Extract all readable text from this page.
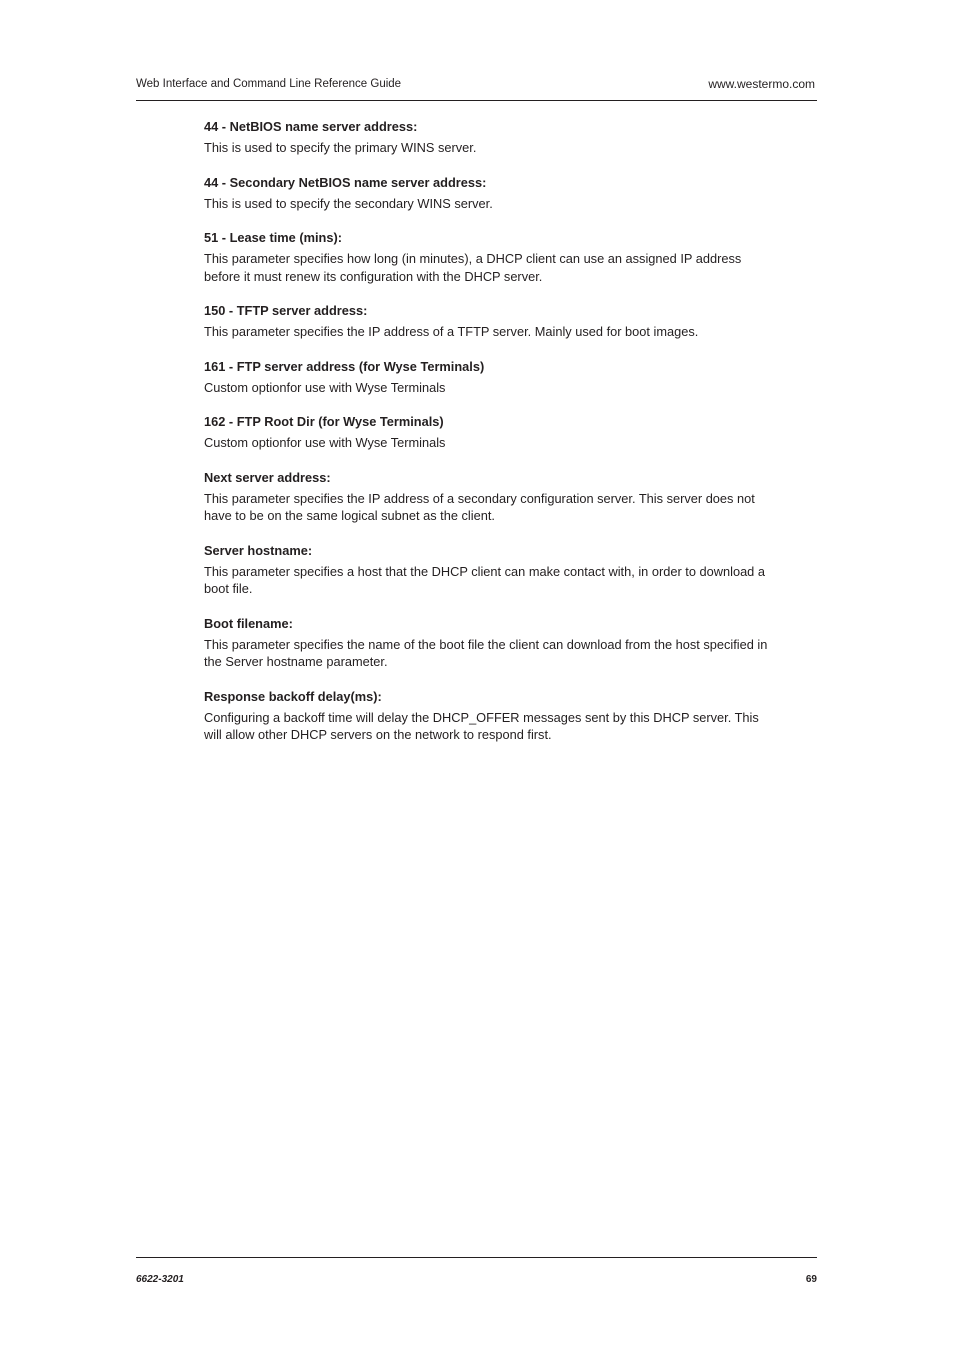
Web Interface and Command Line Reference Guide	www.westermo.com
44 - NetBIOS name server address:

This is used to specify the primary WINS server.

44 - Secondary NetBIOS name server address:

This is used to specify the secondary WINS server.

51 - Lease time (mins):

This parameter specifies how long (in minutes), a DHCP client can use an assigned IP address before it must renew its configuration with the DHCP server.

150 - TFTP server address:

This parameter specifies the IP address of a TFTP server. Mainly used for boot images.

161 - FTP server address (for Wyse Terminals)

Custom optionfor use with Wyse Terminals

162 - FTP Root Dir (for Wyse Terminals)

Custom optionfor use with Wyse Terminals

Next server address:

This parameter specifies the IP address of a secondary configuration server. This server does not have to be on the same logical subnet as the client.

Server hostname:

This parameter specifies a host that the DHCP client can make contact with, in order to download a boot file.

Boot filename:

This parameter specifies the name of the boot file the client can download from the host specified in the Server hostname parameter.

Response backoff delay(ms):

Configuring a backoff time will delay the DHCP_OFFER messages sent by this DHCP server. This will allow other DHCP servers on the network to respond first.

6622-3201	69
